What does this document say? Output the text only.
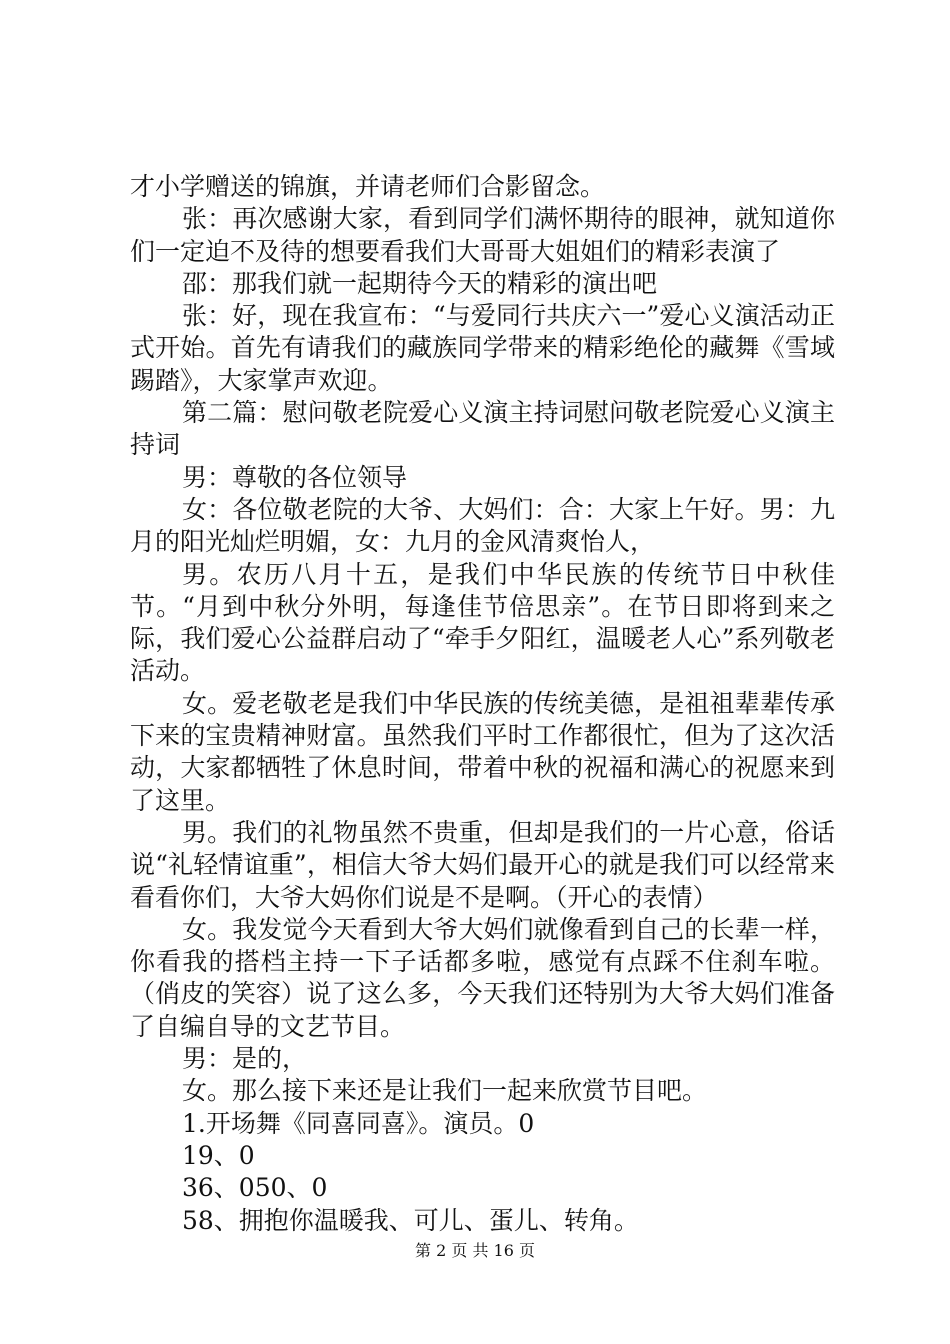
才小学赠送的锦旗，并请老师们合影留念。

张：再次感谢大家，看到同学们满怀期待的眼神，就知道你们一定迫不及待的想要看我们大哥哥大姐姐们的精彩表演了

邵：那我们就一起期待今天的精彩的演出吧

张：好，现在我宣布：“与爱同行共庆六一”爱心义演活动正式开始。首先有请我们的藏族同学带来的精彩绝伦的藏舞《雪域踢踏》，大家掌声欢迎。

第二篇：慰问敬老院爱心义演主持词慰问敬老院爱心义演主持词

男：尊敬的各位领导

女：各位敬老院的大爷、大妈们：合：大家上午好。男：九月的阳光灿烂明媚，女：九月的金风清爽怡人，

男。农历八月十五，是我们中华民族的传统节日中秋佳节。“月到中秋分外明，每逢佳节倍思亲”。在节日即将到来之际，我们爱心公益群启动了“牵手夕阳红，温暖老人心”系列敬老活动。

女。爱老敬老是我们中华民族的传统美德，是祖祖辈辈传承下来的宝贵精神财富。虽然我们平时工作都很忙，但为了这次活动，大家都牺牲了休息时间，带着中秋的祝福和满心的祝愿来到了这里。

男。我们的礼物虽然不贵重，但却是我们的一片心意，俗话说“礼轻情谊重”，相信大爷大妈们最开心的就是我们可以经常来看看你们，大爷大妈你们说是不是啊。（开心的表情）

女。我发觉今天看到大爷大妈们就像看到自己的长辈一样，你看我的搭档主持一下子话都多啦，感觉有点踩不住刹车啦。（俏皮的笑容）说了这么多，今天我们还特别为大爷大妈们准备了自编自导的文艺节目。

男：是的，

女。那么接下来还是让我们一起来欣赏节目吧。

1.开场舞《同喜同喜》。演员。0

19、0

36、050、0

58、拥抱你温暖我、可儿、蛋儿、转角。

第 2 页 共 16 页
